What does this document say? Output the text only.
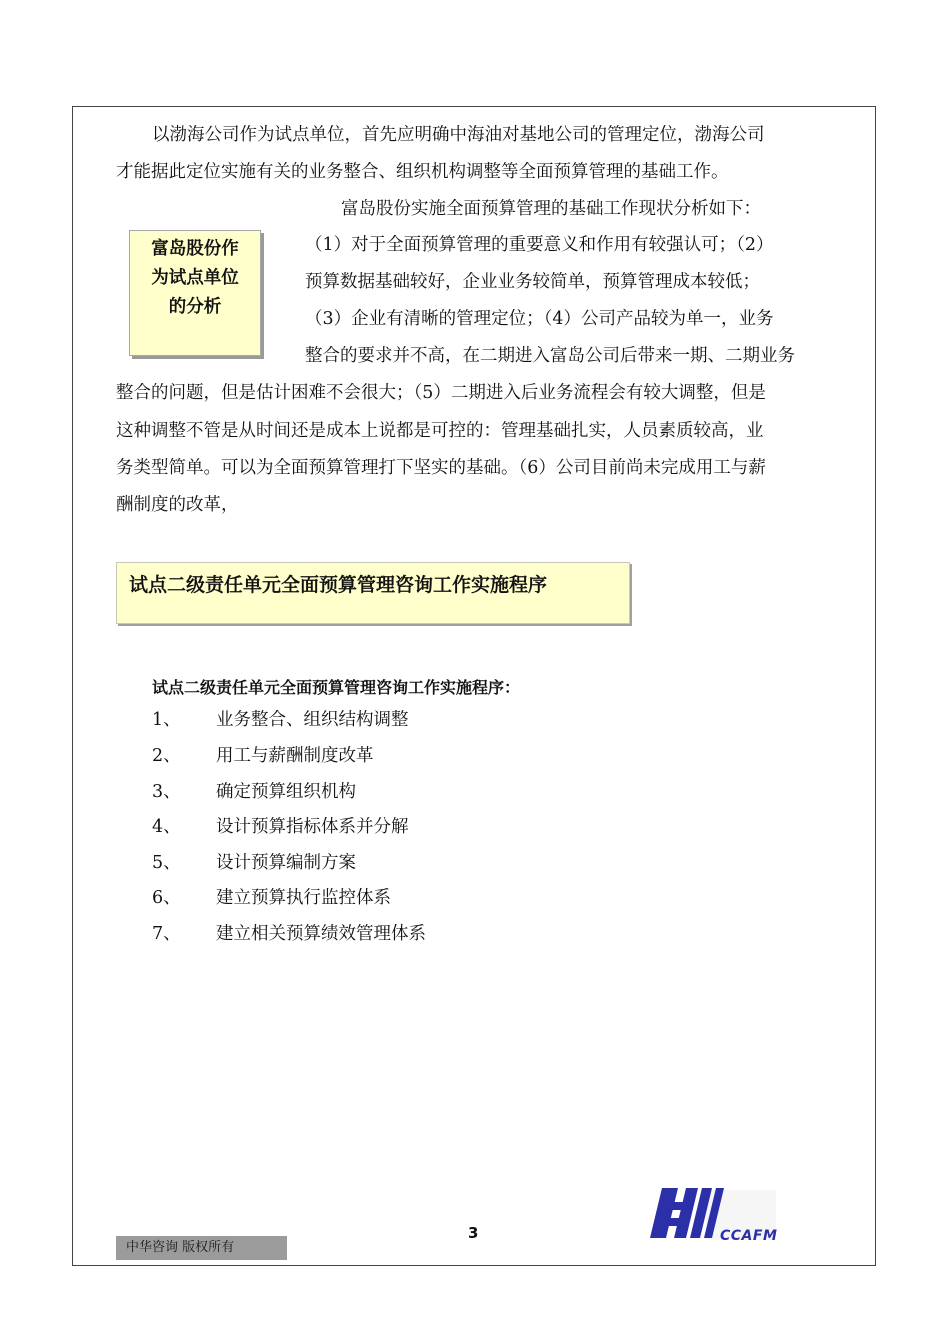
以渤海公司作为试点单位，首先应明确中海油对基地公司的管理定位，渤海公司
才能据此定位实施有关的业务整合、组织机构调整等全面预算管理的基础工作。
富岛股份实施全面预算管理的基础工作现状分析如下：
（1）对于全面预算管理的重要意义和作用有较强认可；（2）
预算数据基础较好，企业业务较简单，预算管理成本较低；
（3）企业有清晰的管理定位；（4）公司产品较为单一，业务
整合的要求并不高，在二期进入富岛公司后带来一期、二期业务
整合的问题，但是估计困难不会很大；（5）二期进入后业务流程会有较大调整，但是
这种调整不管是从时间还是成本上说都是可控的：管理基础扎实，人员素质较高，业
务类型简单。可以为全面预算管理打下坚实的基础。（6）公司目前尚未完成用工与薪
酬制度的改革，
富岛股份作
为试点单位
的分析
试点二级责任单元全面预算管理咨询工作实施程序
试点二级责任单元全面预算管理咨询工作实施程序：
1、 业务整合、组织结构调整
2、 用工与薪酬制度改革
3、 确定预算组织机构
4、 设计预算指标体系并分解
5、 设计预算编制方案
6、 建立预算执行监控体系
7、 建立相关预算绩效管理体系
3
中华咨询 版权所有
CCAFM
